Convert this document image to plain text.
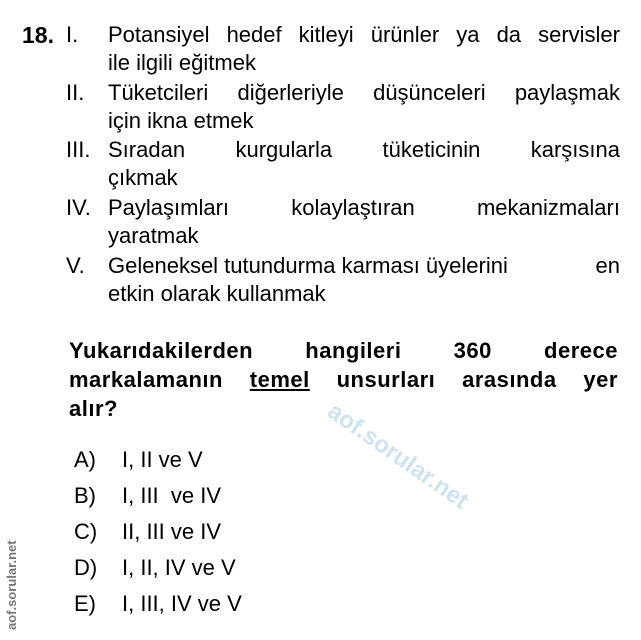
18. I. Potansiyel hedef kitleyi ürünler ya da servisler
ile ilgili eğitmek
II. Tüketcileri diğerleriyle düşünceleri paylaşmak
için ikna etmek
III. Sıradan kurgularla tüketicinin karşısına
çıkmak
IV. Paylaşımları	kolaylaştıran	mekanizmaları
yaratmak
V. Geleneksel tutundurma karması üyelerini	en
etkin olarak kullanmak
Yukarıdakilerden hangileri 360 derece
markalamanın temel unsurları arasında yer
alır?
A) I, II ve V
B) I, III  ve IV
C) II, III ve IV
D) I, II, IV ve V
E) I, III, IV ve V
aof.sorular.net
aof.sorular.net
